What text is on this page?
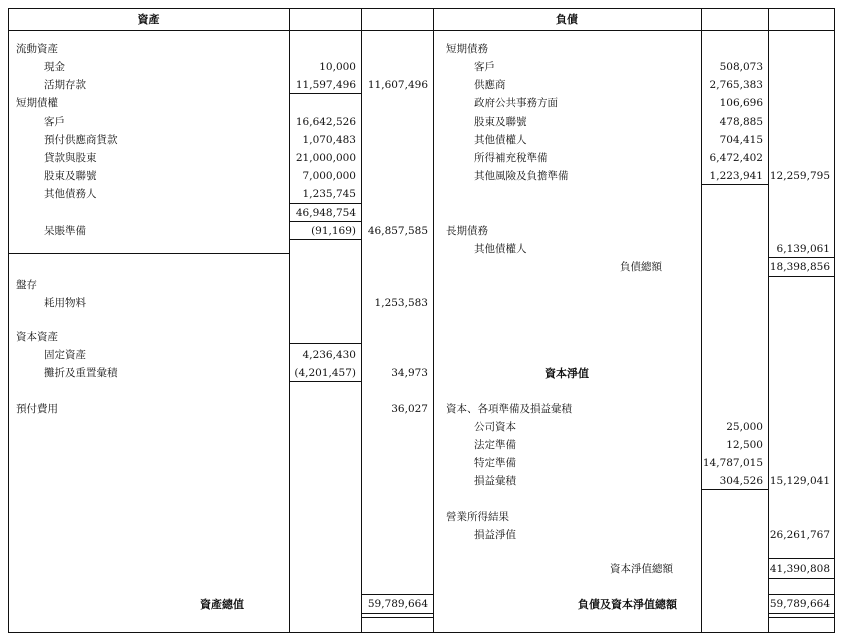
資產
流動資產
現金	10,000
活期存款	11,597,496	11,607,496
短期債權
客戶	16,642,526
預付供應商貨款	1,070,483
貸款與股東	21,000,000
股東及聯號	7,000,000
其他債務人	1,235,745
46,948,754
呆賬準備	(91,169)	46,857,585
盤存
耗用物料	1,253,583
資本資產
固定資產	4,236,430
攤折及重置彙積	(4,201,457)	34,973
預付費用	36,027
資產總值	59,789,664
負債
短期債務
客戶	508,073
供應商	2,765,383
政府公共事務方面	106,696
股東及聯號	478,885
其他債權人	704,415
所得補充稅準備	6,472,402
其他風險及負擔準備	1,223,941 12,259,795
長期債務
其他債權人	6,139,061
負債總額	18,398,856
資本淨值
資本、各項準備及損益彙積
公司資本	25,000
法定準備	12,500
特定準備	14,787,015
損益彙積	304,526 15,129,041
營業所得結果
損益淨值	26,261,767
資本淨值總額	41,390,808
負債及資本淨值總額	59,789,664
